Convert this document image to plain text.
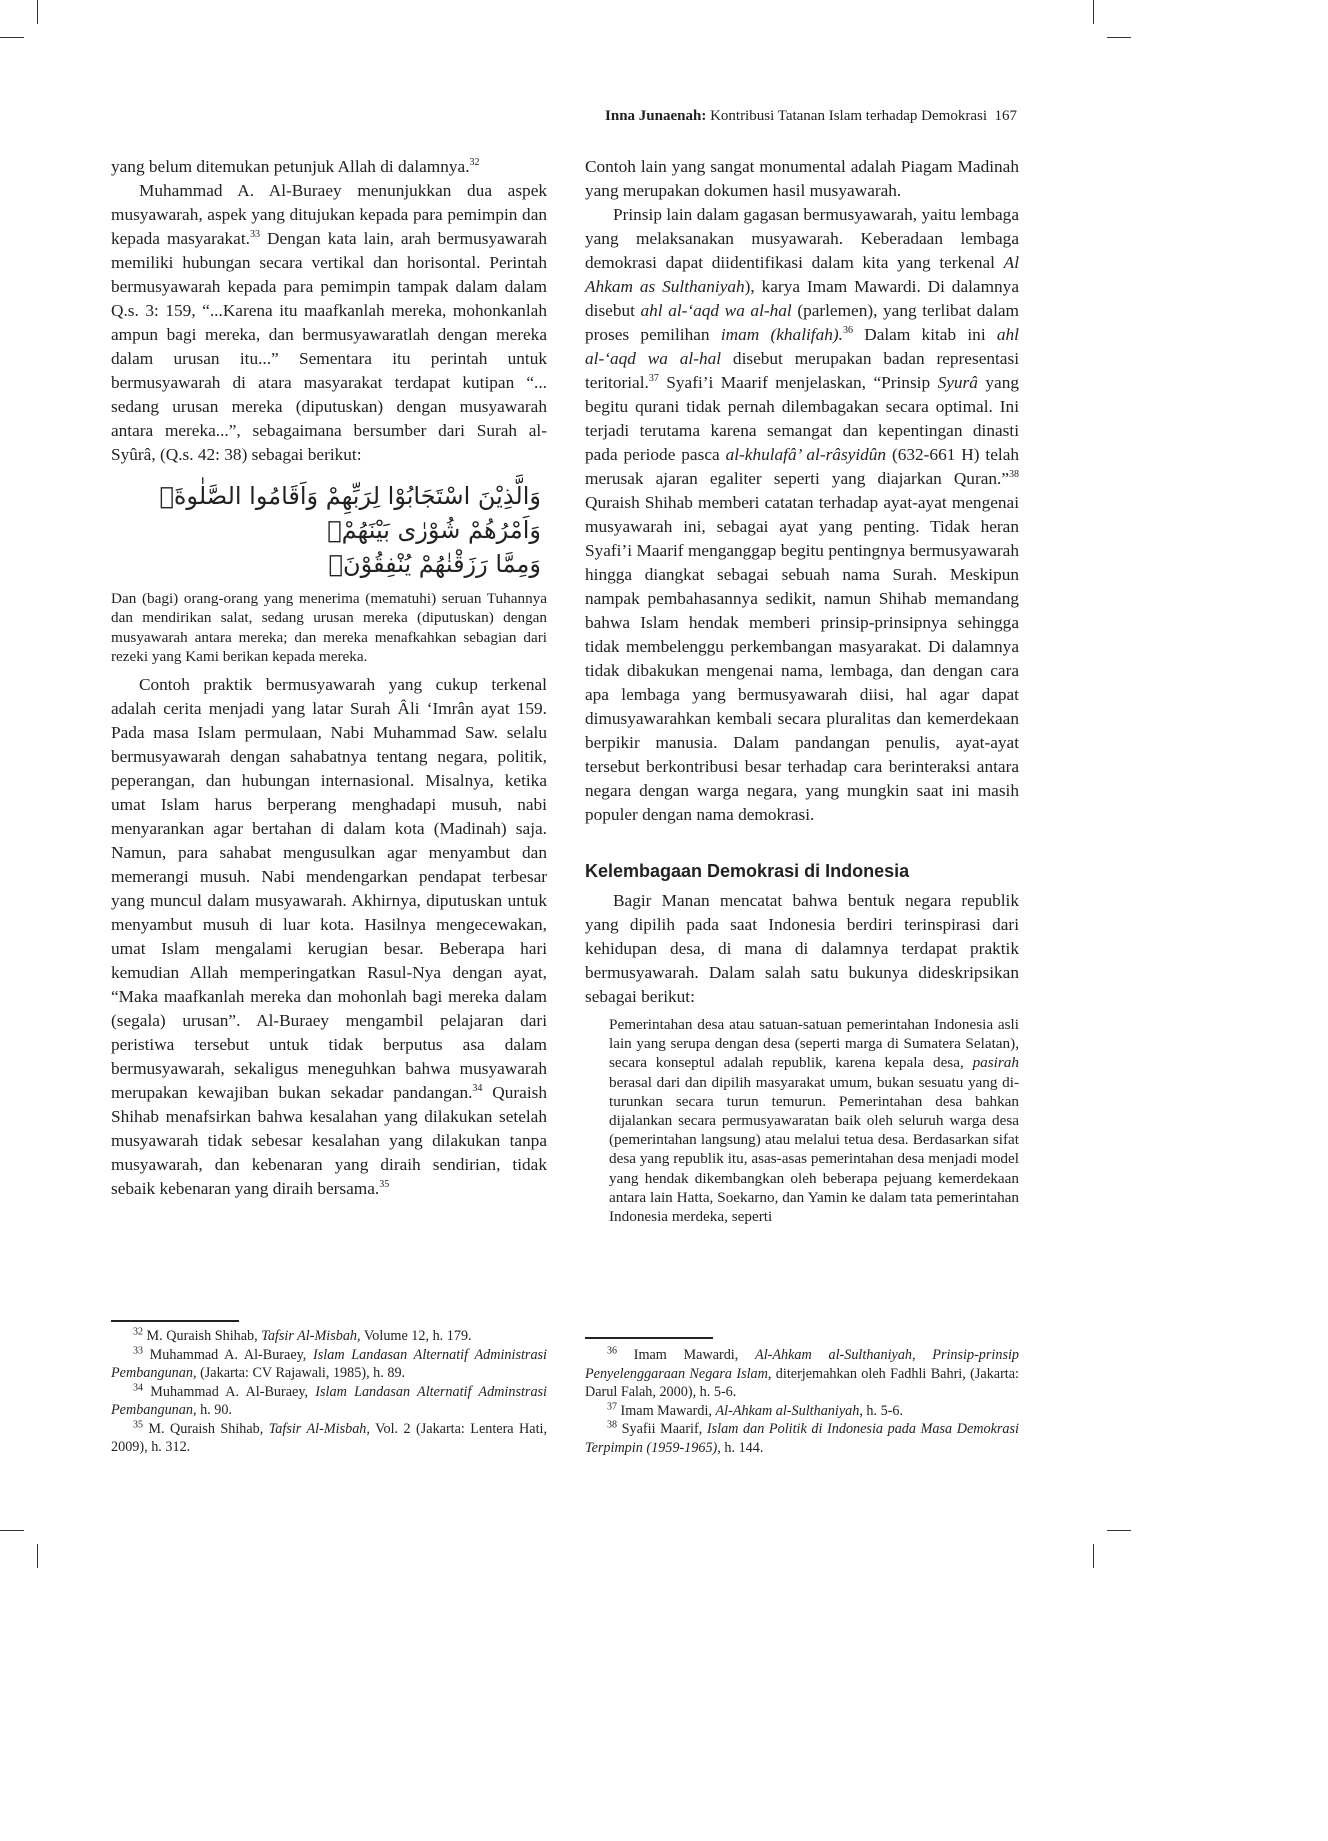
Inna Junaenah: Kontribusi Tatanan Islam terhadap Demokrasi 167

yang belum ditemukan petunjuk Allah di dalamnya.$^{32}$

Muhammad A. Al-Buraey menunjukkan dua aspek musyawarah, aspek yang ditujukan kepada para pemimpin dan kepada masyarakat.$^{33}$ Dengan kata lain, arah bermusyawarah memiliki hubungan secara vertikal dan horisontal. Perintah bermusyawarah kepada para pemimpin tampak dalam dalam Q.s. 3: 159, “...Karena itu maafkanlah mereka, mohonkanlah ampun bagi mereka, dan bermusyawaratlah dengan mereka dalam urusan itu...” Sementara itu perintah untuk bermusyawarah di atara masyarakat terdapat kutipan “... sedang urusan mereka (diputuskan) dengan musyawarah antara mereka...”, sebagaimana bersumber dari Surah al-Syûrâ, (Q.s. 42: 38) sebagai berikut:

وَالَّذِيْنَ اسْتَجَابُوْا لِرَبِّهِمْ وَاَقَامُوا الصَّلٰوةَۖ وَاَمْرُهُمْ شُوْرٰى بَيْنَهُمْۖ
وَمِمَّا رَزَقْنٰهُمْ يُنْفِقُوْنَۚ
Dan (bagi) orang-orang yang menerima (mematuhi) seruan Tuhannya dan mendirikan salat, sedang urusan mereka (diputuskan) dengan musyawarah antara mereka; dan mereka menafkahkan sebagian dari rezeki yang Kami berikan kepada mereka.

Contoh praktik bermusyawarah yang cukup terkenal adalah cerita menjadi yang latar Surah Âli ‘Imrân ayat 159. Pada masa Islam permulaan, Nabi Muhammad Saw. selalu bermusyawarah dengan sahabatnya tentang negara, politik, peperangan, dan hubungan internasional. Misalnya, ketika umat Islam harus berperang menghadapi musuh, nabi menyarankan agar bertahan di dalam kota (Madinah) saja. Namun, para sahabat mengusulkan agar menyambut dan memerangi musuh. Nabi mendengarkan pendapat terbesar yang muncul dalam musyawarah. Akhirnya, diputuskan untuk menyambut musuh di luar kota. Hasilnya mengecewakan, umat Islam mengalami kerugian besar. Beberapa hari kemudian Allah memperingatkan Rasul-Nya dengan ayat, “Maka maafkanlah mereka dan mohonlah bagi mereka dalam (segala) urusan”. Al-Buraey mengambil pelajaran dari peristiwa tersebut untuk tidak berputus asa dalam bermusyawarah, sekaligus meneguhkan bahwa musyawarah merupakan kewajiban bukan sekadar pandangan.$^{34}$ Quraish Shihab menafsirkan bahwa kesalahan yang dilakukan setelah musyawarah tidak sebesar kesalahan yang dilakukan tanpa musyawarah, dan kebenaran yang diraih sendirian, tidak sebaik kebenaran yang diraih bersama.$^{35}$

Contoh lain yang sangat monumental adalah Piagam Madinah yang merupakan dokumen hasil musyawarah.

Prinsip lain dalam gagasan bermusyawarah, yaitu lembaga yang melaksanakan musyawarah. Keberadaan lembaga demokrasi dapat diidentifikasi dalam kita yang terkenal Al Ahkam as Sulthaniyah), karya Imam Mawardi. Di dalamnya disebut ahl al-‘aqd wa al-hal (parlemen), yang terlibat dalam proses pemilihan imam (khalifah).$^{36}$ Dalam kitab ini ahl al-‘aqd wa al-hal disebut merupakan badan representasi teritorial.$^{37}$ Syafi’i Maarif menjelaskan, “Prinsip Syurâ yang begitu qurani tidak pernah dilembagakan secara optimal. Ini terjadi terutama karena semangat dan kepentingan dinasti pada periode pasca al-khulafâ’ al-râsyidûn (632-661 H) telah merusak ajaran egaliter seperti yang diajarkan Quran.”$^{38}$ Quraish Shihab memberi catatan terhadap ayat-ayat mengenai musyawarah ini, sebagai ayat yang penting. Tidak heran Syafi’i Maarif menganggap begitu pentingnya bermusyawarah hingga diangkat sebagai sebuah nama Surah. Meskipun nampak pembahasannya sedikit, namun Shihab memandang bahwa Islam hendak memberi prinsip-prinsipnya sehingga tidak membelenggu perkembangan masyarakat. Di dalamnya tidak dibakukan mengenai nama, lembaga, dan dengan cara apa lembaga yang bermusyawarah diisi, hal agar dapat dimusyawarahkan kembali secara pluralitas dan kemerdekaan berpikir manusia. Dalam pandangan penulis, ayat-ayat tersebut berkontribusi besar terhadap cara berinteraksi antara negara dengan warga negara, yang mungkin saat ini masih populer dengan nama demokrasi.

Kelembagaan Demokrasi di Indonesia

Bagir Manan mencatat bahwa bentuk negara republik yang dipilih pada saat Indonesia berdiri terinspirasi dari kehidupan desa, di mana di dalamnya terdapat praktik bermusyawarah. Dalam salah satu bukunya dideskripsikan sebagai berikut:

Pemerintahan desa atau satuan-satuan pemerintahan Indonesia asli lain yang serupa dengan desa (seperti marga di Sumatera Selatan), secara konseptul adalah republik, karena kepala desa, pasirah berasal dari dan dipilih masyarakat umum, bukan sesuatu yang diturunkan secara turun temurun. Pemerintahan desa bahkan dijalankan secara permusyawaratan baik oleh seluruh warga desa (pemerintahan langsung) atau melalui tetua desa. Berdasarkan sifat desa yang republik itu, asas-asas pemerintahan desa menjadi model yang hendak dikembangkan oleh beberapa pejuang kemerdekaan antara lain Hatta, Soekarno, dan Yamin ke dalam tata pemerintahan Indonesia merdeka, seperti

$^{32}$ M. Quraish Shihab, Tafsir Al-Misbah, Volume 12, h. 179.

$^{33}$ Muhammad A. Al-Buraey, Islam Landasan Alternatif Administrasi Pembangunan, (Jakarta: CV Rajawali, 1985), h. 89.

$^{34}$ Muhammad A. Al-Buraey, Islam Landasan Alternatif Adminstrasi Pembangunan, h. 90.

$^{35}$ M. Quraish Shihab, Tafsir Al-Misbah, Vol. 2 (Jakarta: Lentera Hati, 2009), h. 312.

$^{36}$ Imam Mawardi, Al-Ahkam al-Sulthaniyah, Prinsip-prinsip Penyelenggaraan Negara Islam, diterjemahkan oleh Fadhli Bahri, (Jakarta: Darul Falah, 2000), h. 5-6.

$^{37}$ Imam Mawardi, Al-Ahkam al-Sulthaniyah, h. 5-6.

$^{38}$ Syafii Maarif, Islam dan Politik di Indonesia pada Masa Demokrasi Terpimpin (1959-1965), h. 144.
